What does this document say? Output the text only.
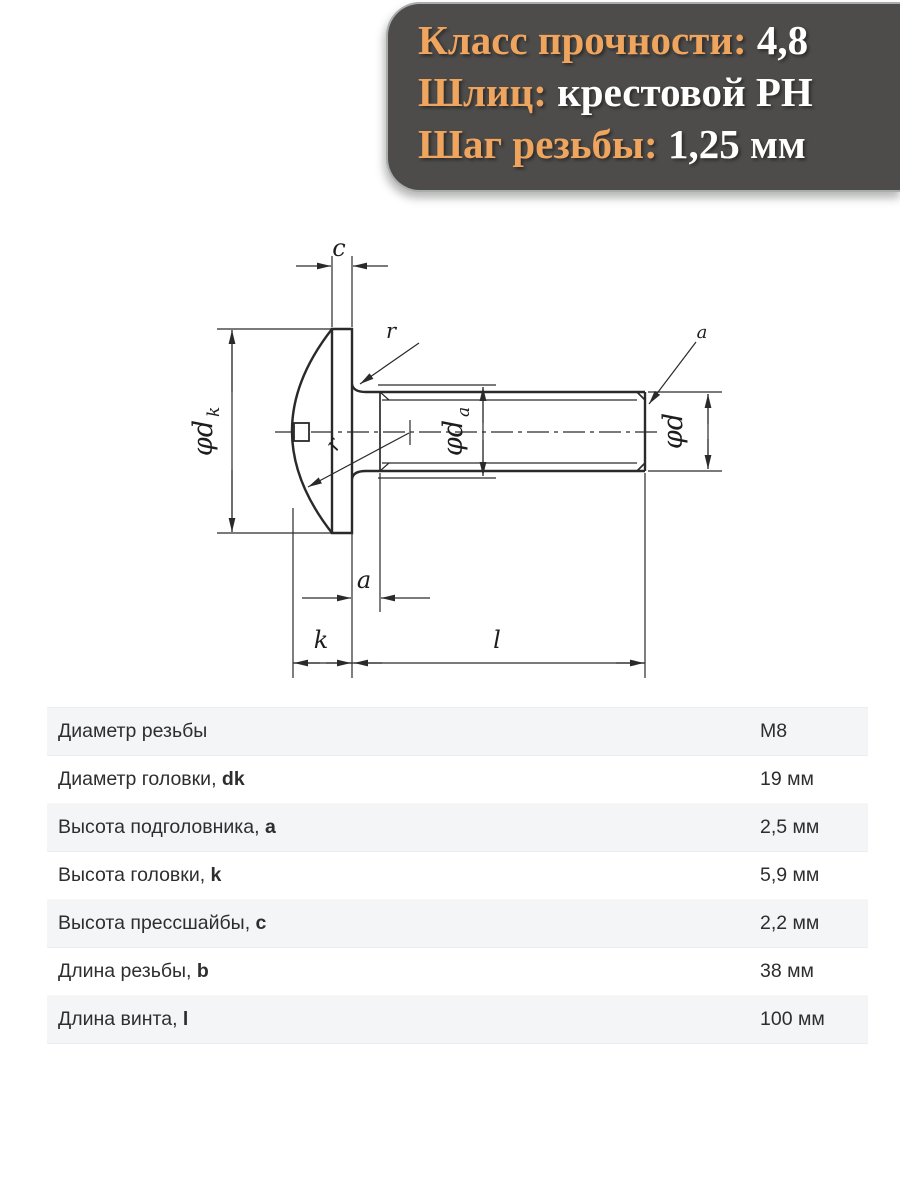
Класс прочности: 4,8
Шлиц: крестовой PH
Шаг резьбы: 1,25 мм
c
r	a
a
k	l
φd
k
φd
a
φd
r
Диаметр резьбы	M8
Диаметр головки, dk	19 мм
Высота подголовника, a	2,5 мм
Высота головки, k	5,9 мм
Высота прессшайбы, c	2,2 мм
Длина резьбы, b	38 мм
Длина винта, l	100 мм
